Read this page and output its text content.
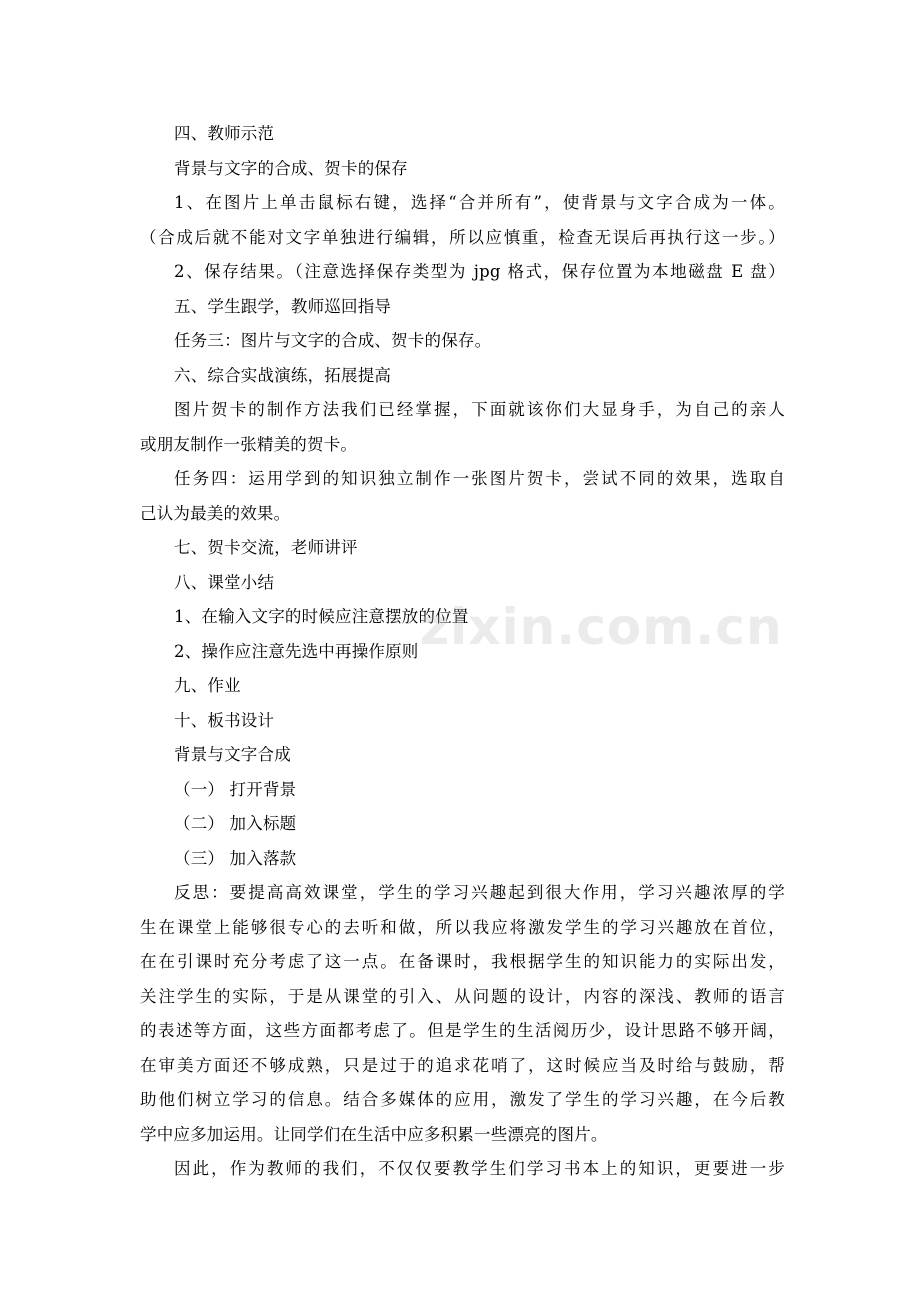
四、教师示范
背景与文字的合成、贺卡的保存
1、在图片上单击鼠标右键，选择“合并所有”，使背景与文字合成为一体。
（合成后就不能对文字单独进行编辑，所以应慎重，检查无误后再执行这一步。）
2、保存结果。（注意选择保存类型为 jpg 格式，保存位置为本地磁盘 E 盘）
五、学生跟学，教师巡回指导
任务三：图片与文字的合成、贺卡的保存。
六、综合实战演练，拓展提高
图片贺卡的制作方法我们已经掌握，下面就该你们大显身手，为自己的亲人
或朋友制作一张精美的贺卡。
任务四：运用学到的知识独立制作一张图片贺卡，尝试不同的效果，选取自
己认为最美的效果。
七、贺卡交流，老师讲评
八、课堂小结
1、在输入文字的时候应注意摆放的位置
2、操作应注意先选中再操作原则
九、作业
十、板书设计
背景与文字合成
（一） 打开背景
（二） 加入标题
（三） 加入落款
反思：要提高高效课堂，学生的学习兴趣起到很大作用，学习兴趣浓厚的学
生在课堂上能够很专心的去听和做，所以我应将激发学生的学习兴趣放在首位，
在在引课时充分考虑了这一点。在备课时，我根据学生的知识能力的实际出发，
关注学生的实际，于是从课堂的引入、从问题的设计，内容的深浅、教师的语言
的表述等方面，这些方面都考虑了。但是学生的生活阅历少，设计思路不够开阔，
在审美方面还不够成熟，只是过于的追求花哨了，这时候应当及时给与鼓励，帮
助他们树立学习的信息。结合多媒体的应用，激发了学生的学习兴趣，在今后教
学中应多加运用。让同学们在生活中应多积累一些漂亮的图片。
因此，作为教师的我们，不仅仅要教学生们学习书本上的知识，更要进一步
zixin.com.cn
